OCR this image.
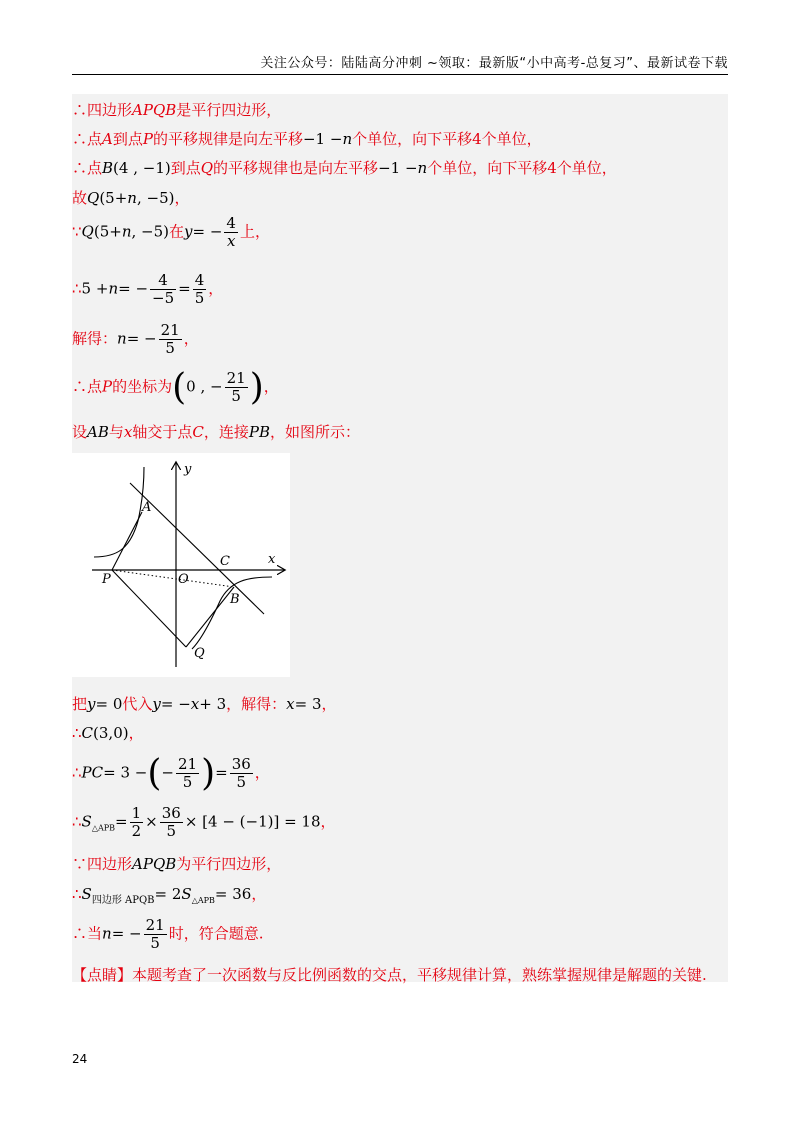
关注公众号：陆陆高分冲刺 ~领取：最新版“小中高考-总复习”、最新试卷下载
∴四边形APQB是平行四边形，
∴点A到点P的平移规律是向左平移−1 −n个单位，向下平移4个单位，
∴点B(4 , −1)到点Q的平移规律也是向左平移−1 −n个单位，向下平移4个单位，
故Q(5+n, −5)，
∵Q(5+n, −5)在$y= - \frac{4}{x}$ 上，
∴5 $+n= - \frac{4}{-5} = \frac{4}{5}$ ，
解得：$n= - \frac{21}{5}$ ，
∴点P的坐标为(0 , − $\frac{21}{5}$ )，
设AB与x轴交于点C，连接PB，如图所示：
y
x
A
C
P	O
B
Q
把y= 0代入y= −x+ 3，解得：x= 3，
∴C(3,0)，
∴PC= 3 −(− $\frac{21}{5}$ )= $\frac{36}{5}$ ，
$\therefore S_{\triangle APB}= \frac{1}{2} \times \frac{36}{5} \times [4 - (-1)] = 18$，
∵四边形APQB为平行四边形，
$\therefore S_{四边形 APQB}= 2S_{\triangle APB}= 36$，
∴当$n= - \frac{21}{5}$ 时，符合题意.
【点睛】本题考查了一次函数与反比例函数的交点，平移规律计算，熟练掌握规律是解题的关键.
24
